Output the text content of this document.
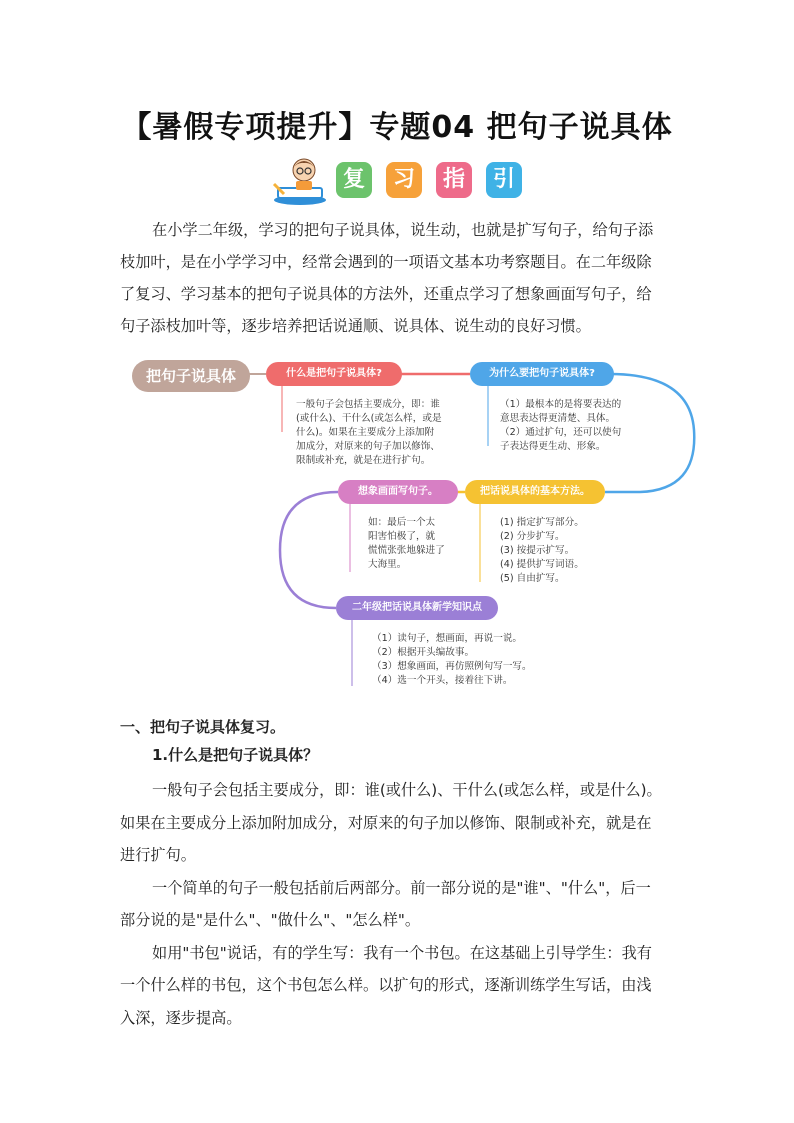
【暑假专项提升】专题04 把句子说具体
复	习	指	引
在小学二年级，学习的把句子说具体，说生动，也就是扩写句子，给句子添
枝加叶，是在小学学习中，经常会遇到的一项语文基本功考察题目。在二年级除
了复习、学习基本的把句子说具体的方法外，还重点学习了想象画面写句子，给
句子添枝加叶等，逐步培养把话说通顺、说具体、说生动的良好习惯。
把句子说具体	什么是把句子说具体?
一般句子会包括主要成分，即：谁
(或什么)、干什么(或怎么样，或是
什么)。如果在主要成分上添加附
加成分，对原来的句子加以修饰、
限制或补充，就是在进行扩句。
为什么要把句子说具体?
（1）最根本的是将要表达的
意思表达得更清楚、具体。
（2）通过扩句，还可以使句
子表达得更生动、形象。
把话说具体的基本方法。
(1) 指定扩写部分。
(2) 分步扩写。
(3) 按提示扩写。
(4) 提供扩写词语。
(5) 自由扩写。
想象画面写句子。
如：最后一个太
阳害怕极了，就
慌慌张张地躲进了
大海里。
二年级把话说具体新学知识点
（1）读句子，想画面，再说一说。
（2）根据开头编故事。
（3）想象画面，再仿照例句写一写。
（4）选一个开头，接着往下讲。
一、把句子说具体复习。
1.什么是把句子说具体？
一般句子会包括主要成分，即：谁(或什么)、干什么(或怎么样，或是什么)。
如果在主要成分上添加附加成分，对原来的句子加以修饰、限制或补充，就是在
进行扩句。
一个简单的句子一般包括前后两部分。前一部分说的是"谁"、"什么"，后一
部分说的是"是什么"、"做什么"、"怎么样"。
如用"书包"说话，有的学生写：我有一个书包。在这基础上引导学生：我有
一个什么样的书包，这个书包怎么样。以扩句的形式，逐渐训练学生写话，由浅
入深，逐步提高。
